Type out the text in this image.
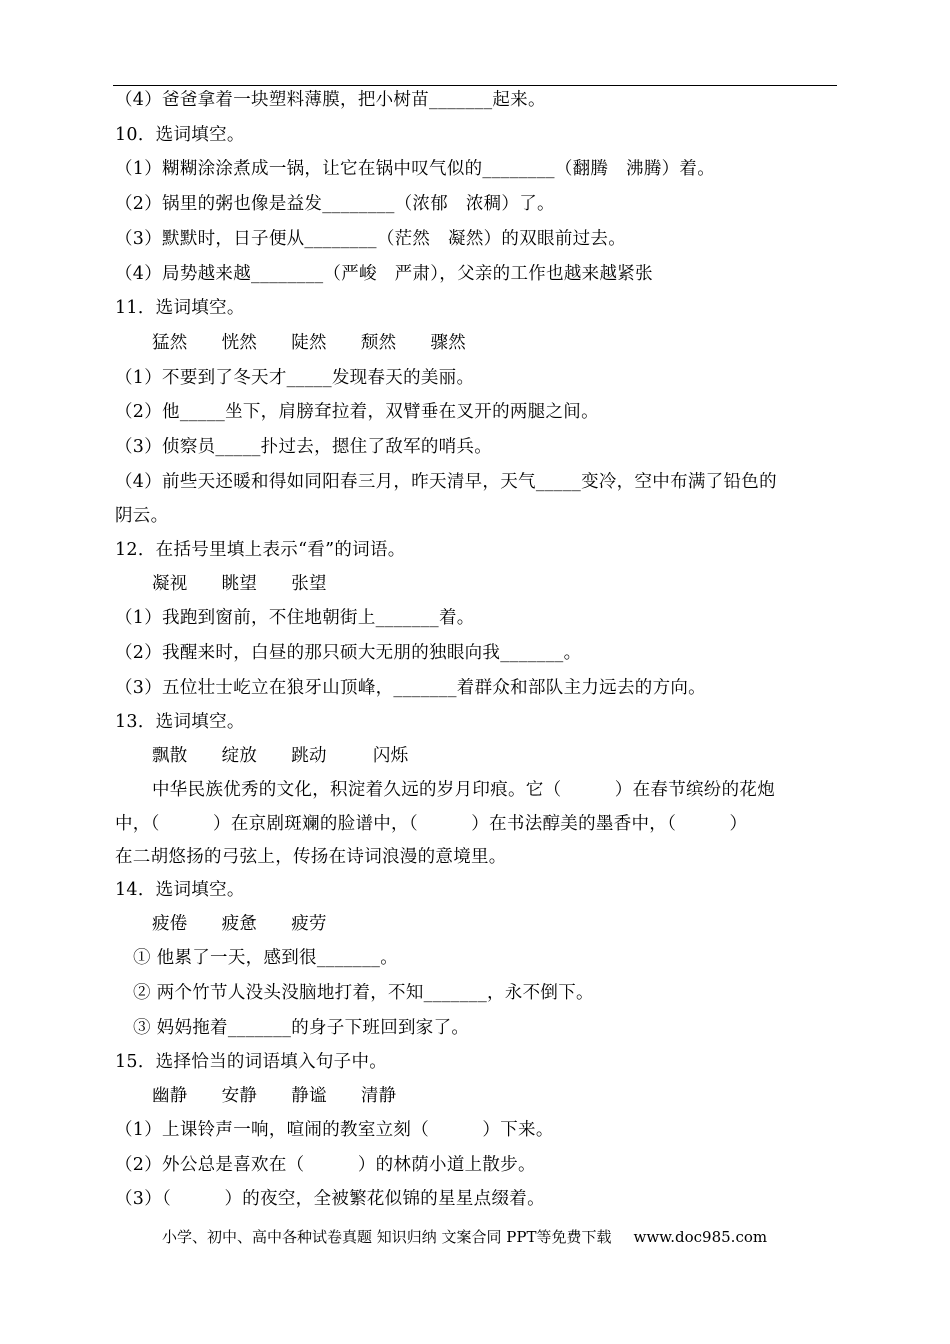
（4）爸爸拿着一块塑料薄膜，把小树苗_______起来。
10．选词填空。
（1）糊糊涂涂煮成一锅，让它在锅中叹气似的________（翻腾　沸腾）着。
（2）锅里的粥也像是益发________（浓郁　浓稠）了。
（3）默默时，日子便从________（茫然　凝然）的双眼前过去。
（4）局势越来越________（严峻　严肃），父亲的工作也越来越紧张
11．选词填空。
猛然 恍然 陡然 颓然 骤然
（1）不要到了冬天才_____发现春天的美丽。
（2）他_____坐下，肩膀耷拉着，双臂垂在叉开的两腿之间。
（3）侦察员_____扑过去，摁住了敌军的哨兵。
（4）前些天还暖和得如同阳春三月，昨天清早，天气_____变冷，空中布满了铅色的
阴云。
12．在括号里填上表示“看”的词语。
凝视 眺望 张望
（1）我跑到窗前，不住地朝街上_______着。
（2）我醒来时，白昼的那只硕大无朋的独眼向我_______。
（3）五位壮士屹立在狼牙山顶峰，_______着群众和部队主力远去的方向。
13．选词填空。
飘散 绽放 跳动	闪烁
中华民族优秀的文化，积淀着久远的岁月印痕。它（　　　）在春节缤纷的花炮
中，（　　　）在京剧斑斓的脸谱中，（　　　）在书法醇美的墨香中，（　　　）
在二胡悠扬的弓弦上，传扬在诗词浪漫的意境里。
14．选词填空。
疲倦 疲惫 疲劳
① 他累了一天，感到很_______。
② 两个竹节人没头没脑地打着，不知_______，永不倒下。
③ 妈妈拖着_______的身子下班回到家了。
15．选择恰当的词语填入句子中。
幽静 安静 静谧 清静
（1）上课铃声一响，喧闹的教室立刻（　　　）下来。
（2）外公总是喜欢在（　　　）的林荫小道上散步。
（3）（　　　）的夜空，全被繁花似锦的星星点缀着。
小学、初中、高中各种试卷真题 知识归纳 文案合同 PPT等免费下载 www.doc985.com
